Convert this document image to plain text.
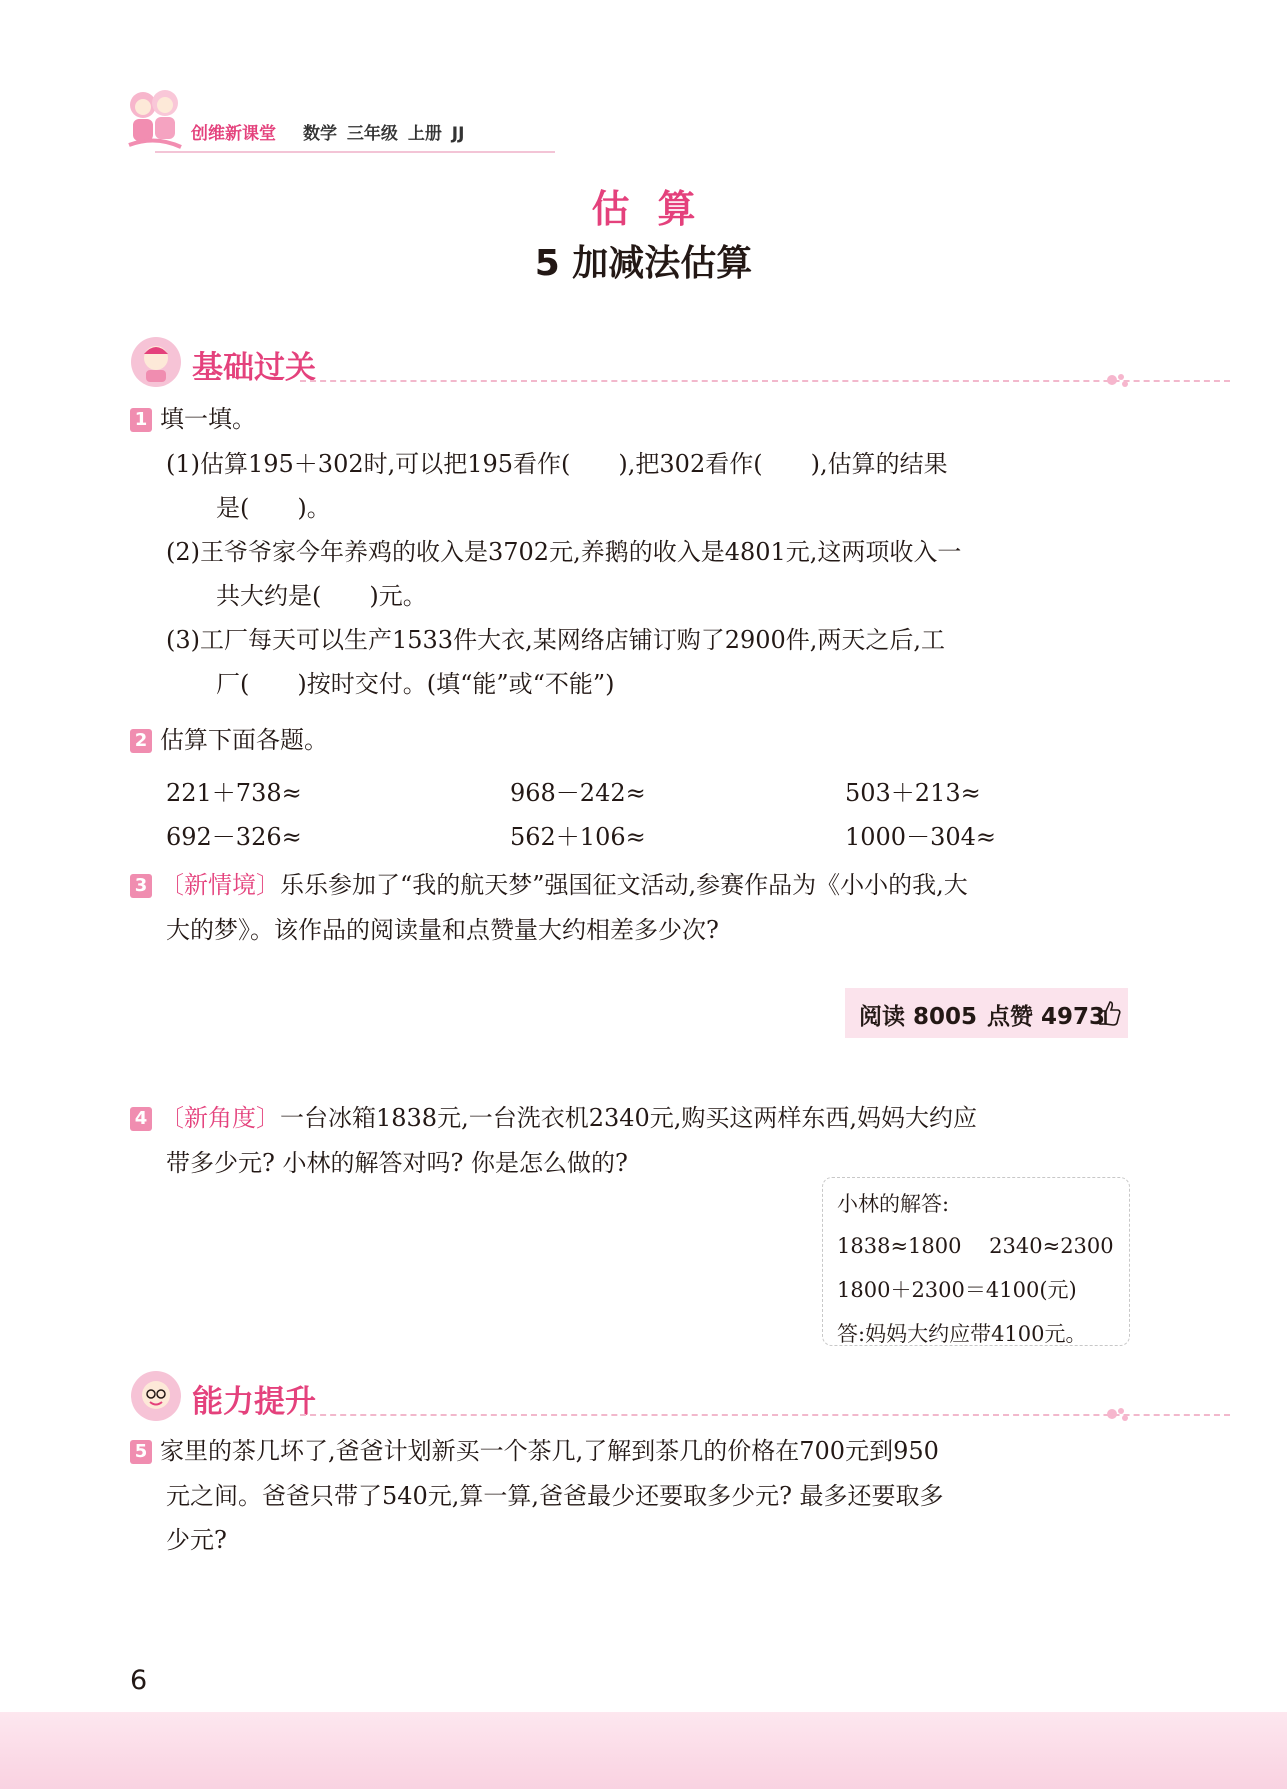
创维新课堂 数学 三年级 上册 JJ
估算
5 加减法估算
基础过关
1 填一填。
(1)估算195＋302时,可以把195看作(　　),把302看作(　　),估算的结果
是(　　)。
(2)王爷爷家今年养鸡的收入是3702元,养鹅的收入是4801元,这两项收入一
共大约是(　　)元。
(3)工厂每天可以生产1533件大衣,某网络店铺订购了2900件,两天之后,工
厂(　　)按时交付。(填“能”或“不能”)
2 估算下面各题。
221＋738≈	968－242≈	503＋213≈
692－326≈	562＋106≈	1000－304≈
3 〔新情境〕乐乐参加了“我的航天梦”强国征文活动,参赛作品为《小小的我,大
大的梦》。该作品的阅读量和点赞量大约相差多少次?
阅读 8005 点赞 4973
4 〔新角度〕一台冰箱1838元,一台洗衣机2340元,购买这两样东西,妈妈大约应
带多少元? 小林的解答对吗? 你是怎么做的?
小林的解答:
1838≈1800　 2340≈2300
1800＋2300＝4100(元)
答:妈妈大约应带4100元。
能力提升
5 家里的茶几坏了,爸爸计划新买一个茶几,了解到茶几的价格在700元到950
元之间。爸爸只带了540元,算一算,爸爸最少还要取多少元? 最多还要取多
少元?
6
